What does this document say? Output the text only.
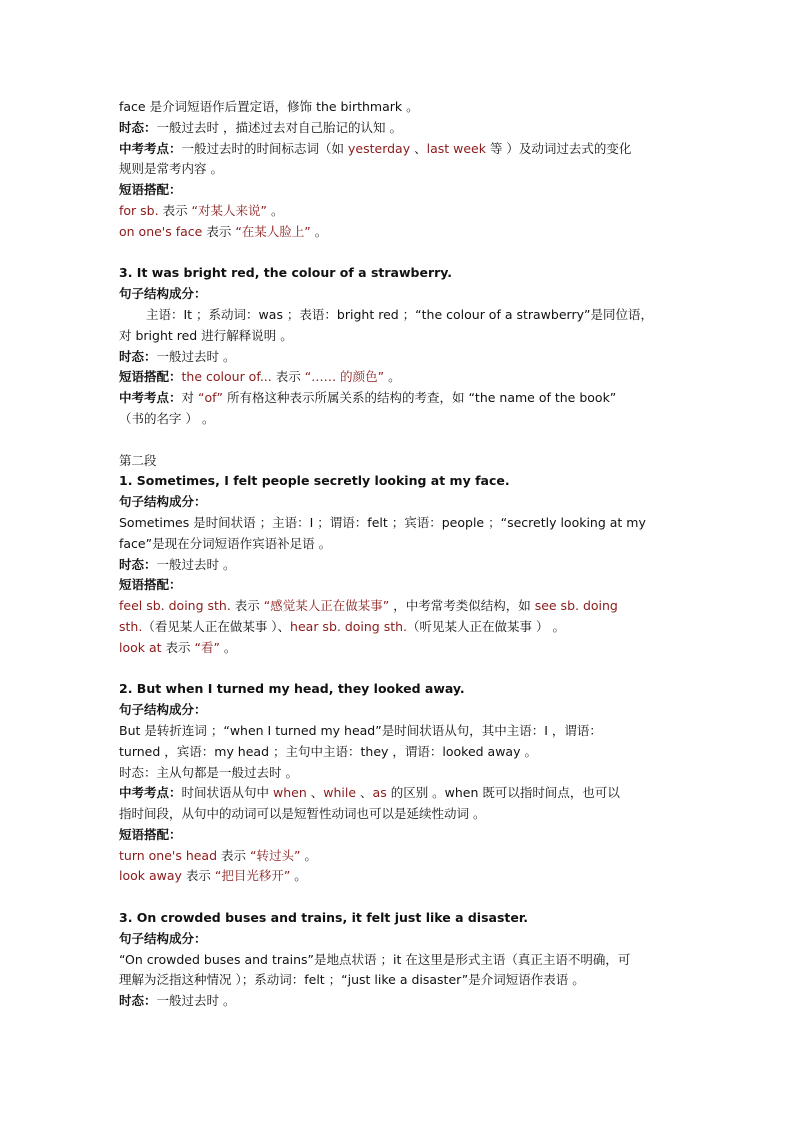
face 是介词短语作后置定语，修饰 the birthmark 。
时态：一般过去时 ，描述过去对自己胎记的认知 。
中考考点：一般过去时的时间标志词（如 yesterday 、last week 等 ）及动词过去式的变化
规则是常考内容 。
短语搭配：
for sb. 表示 “对某人来说” 。
on one's face 表示 “在某人脸上” 。
3. It was bright red, the colour of a strawberry.
句子结构成分：
主语：It ；系动词：was ；表语：bright red ；“the colour of a strawberry”是同位语，
对 bright red 进行解释说明 。
时态：一般过去时 。
短语搭配：the colour of... 表示 “…… 的颜色” 。
中考考点：对 “of” 所有格这种表示所属关系的结构的考查，如 “the name of the book”
（书的名字 ） 。
第二段
1. Sometimes, I felt people secretly looking at my face.
句子结构成分：
Sometimes 是时间状语 ；主语：I ；谓语：felt ；宾语：people ；“secretly looking at my
face”是现在分词短语作宾语补足语 。
时态：一般过去时 。
短语搭配：
feel sb. doing sth. 表示 “感觉某人正在做某事” ，中考常考类似结构，如 see sb. doing
sth.（看见某人正在做某事 ）、hear sb. doing sth.（听见某人正在做某事 ） 。
look at 表示 “看” 。
2. But when I turned my head, they looked away.
句子结构成分：
But 是转折连词 ；“when I turned my head”是时间状语从句，其中主语：I ，谓语：
turned ，宾语：my head ；主句中主语：they ，谓语：looked away 。
时态：主从句都是一般过去时 。
中考考点：时间状语从句中 when 、while 、as 的区别 。when 既可以指时间点，也可以
指时间段，从句中的动词可以是短暂性动词也可以是延续性动词 。
短语搭配：
turn one's head 表示 “转过头” 。
look away 表示 “把目光移开” 。
3. On crowded buses and trains, it felt just like a disaster.
句子结构成分：
“On crowded buses and trains”是地点状语 ；it 在这里是形式主语（真正主语不明确，可
理解为泛指这种情况 ）；系动词：felt ；“just like a disaster”是介词短语作表语 。
时态：一般过去时 。
